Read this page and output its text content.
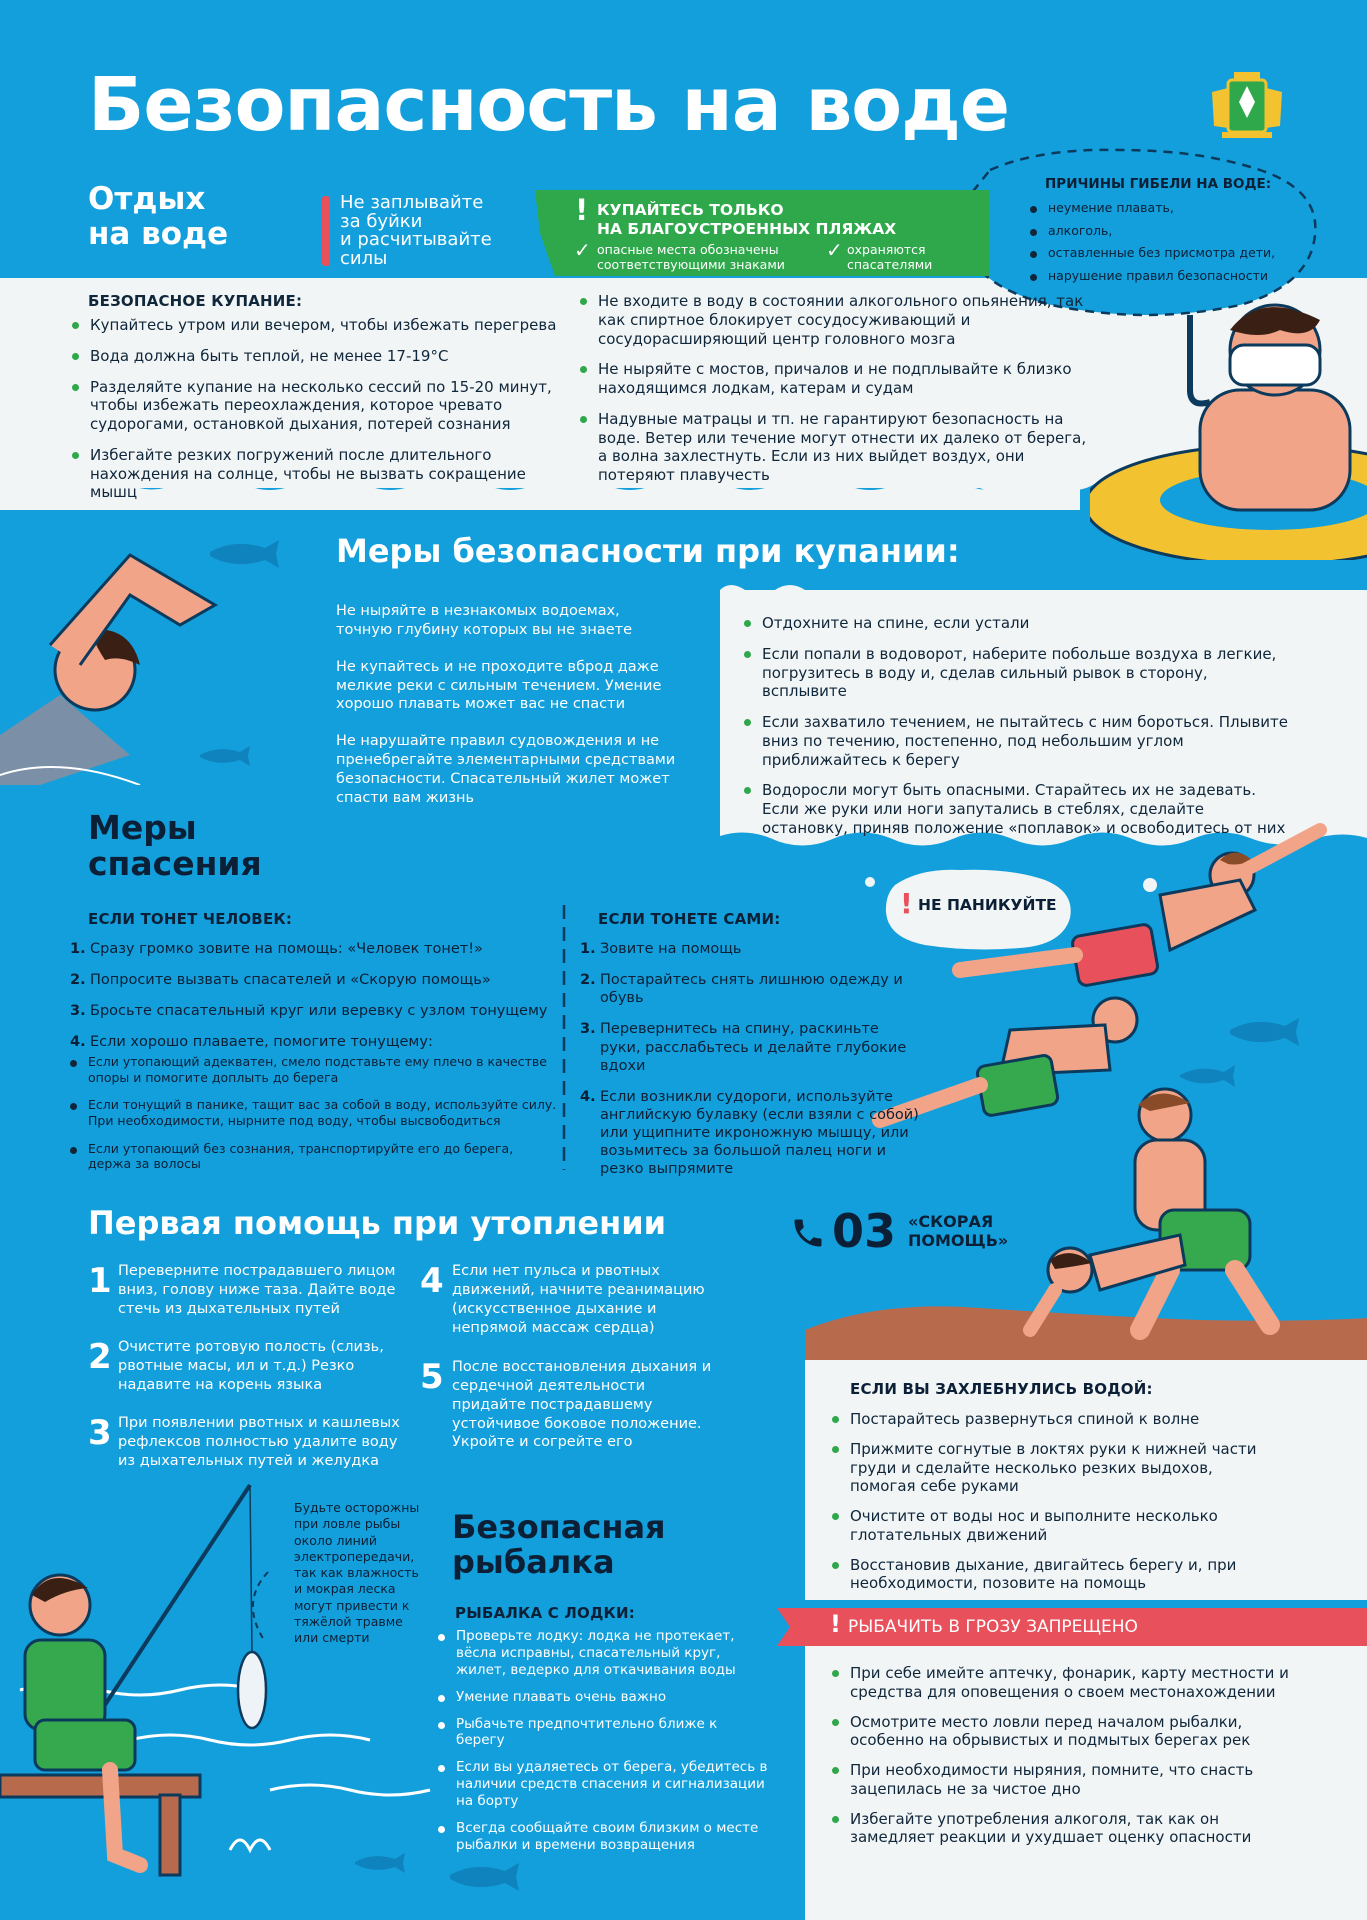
Безопасность на воде
Отдых
на воде
Не заплывайте
за буйки
и расчитывайте
силы
! КУПАЙТЕСЬ ТОЛЬКО
НА БЛАГОУСТРОЕННЫХ ПЛЯЖАХ
✓ опасные места обозначены
соответствующими знаками
✓ охраняются
спасателями
ПРИЧИНЫ ГИБЕЛИ НА ВОДЕ:
неумение плавать,
алкоголь,
оставленные без присмотра дети,
нарушение правил безопасности
БЕЗОПАСНОЕ КУПАНИЕ:
Купайтесь утром или вечером, чтобы избежать перегрева
Вода должна быть теплой, не менее 17-19°С
Разделяйте купание на несколько сессий по 15-20 минут, чтобы избежать переохлаждения, которое чревато судорогами, остановкой дыхания, потерей сознания
Избегайте резких погружений после длительного нахождения на солнце, чтобы не вызвать сокращение мышц
Не входите в воду в состоянии алкогольного опьянения, так как спиртное блокирует сосудосуживающий и сосудорасширяющий центр головного мозга
Не ныряйте с мостов, причалов и не подплывайте к близко находящимся лодкам, катерам и судам
Надувные матрацы и тп. не гарантируют безопасность на воде. Ветер или течение могут отнести их далеко от берега, а волна захлестнуть. Если из них выйдет воздух, они потеряют плавучесть
Меры безопасности при купании:

Не ныряйте в незнакомых водоемах, точную глубину которых вы не знаете

Не купайтесь и не проходите вброд даже мелкие реки с сильным течением. Умение хорошо плавать может вас не спасти

Не нарушайте правил судовождения и не пренебрегайте элементарными средствами безопасности. Спасательный жилет может спасти вам жизнь

Отдохните на спине, если устали
Если попали в водоворот, наберите побольше воздуха в легкие, погрузитесь в воду и, сделав сильный рывок в сторону, всплывите
Если захватило течением, не пытайтесь с ним бороться. Плывите вниз по течению, постепенно, под небольшим углом приближайтесь к берегу
Водоросли могут быть опасными. Старайтесь их не задевать. Если же руки или ноги запутались в стеблях, сделайте остановку, приняв положение «поплавок» и освободитесь от них
Меры
спасения
ЕСЛИ ТОНЕТ ЧЕЛОВЕК:
1. Сразу громко зовите на помощь: «Человек тонет!»
2. Попросите вызвать спасателей и «Скорую помощь»
3. Бросьте спасательный круг или веревку с узлом тонущему
4. Если хорошо плаваете, помогите тонущему:
Если утопающий адекватен, смело подставьте ему плечо в качестве опоры и помогите доплыть до берега
Если тонущий в панике, тащит вас за собой в воду, используйте силу. При необходимости, нырните под воду, чтобы высвободиться
Если утопающий без сознания, транспортируйте его до берега, держа за волосы
ЕСЛИ ТОНЕТЕ САМИ:
1. Зовите на помощь
2. Постарайтесь снять лишнюю одежду и обувь
3. Перевернитесь на спину, раскиньте руки, расслабьтесь и делайте глубокие вдохи
4. Если возникли судороги, используйте английскую булавку (если взяли с собой) или ущипните икроножную мышцу, или возьмитесь за большой палец ноги и резко выпрямите
! НЕ ПАНИКУЙТЕ
Первая помощь при утоплении
1 Переверните пострадавшего лицом вниз, голову ниже таза. Дайте воде стечь из дыхательных путей
2 Очистите ротовую полость (слизь, рвотные масы, ил и т.д.) Резко надавите на корень языка
3 При появлении рвотных и кашлевых рефлексов полностью удалите воду из дыхательных путей и желудка
4 Если нет пульса и рвотных движений, начните реанимацию (искусственное дыхание и непрямой массаж сердца)
5 После восстановления дыхания и сердечной деятельности придайте пострадавшему устойчивое боковое положение. Укройте и согрейте его
03 «СКОРАЯ
ПОМОЩЬ»
ЕСЛИ ВЫ ЗАХЛЕБНУЛИСЬ ВОДОЙ:
Постарайтесь развернуться спиной к волне
Прижмите согнутые в локтях руки к нижней части груди и сделайте несколько резких выдохов, помогая себе руками
Очистите от воды нос и выполните несколько глотательных движений
Восстановив дыхание, двигайтесь берегу и, при необходимости, позовите на помощь
Будьте осторожны при ловле рыбы около линий электропередачи, так как влажность и мокрая леска могут привести к тяжёлой травме или смерти
Безопасная
рыбалка
РЫБАЛКА С ЛОДКИ:
Проверьте лодку: лодка не протекает, вёсла исправны, спасательный круг, жилет, ведерко для откачивания воды
Умение плавать очень важно
Рыбачьте предпочтительно ближе к берегу
Если вы удаляетесь от берега, убедитесь в наличии средств спасения и сигнализации на борту
Всегда сообщайте своим близким о месте рыбалки и времени возвращения
! РЫБАЧИТЬ В ГРОЗУ ЗАПРЕЩЕНО
При себе имейте аптечку, фонарик, карту местности и средства для оповещения о своем местонахождении
Осмотрите место ловли перед началом рыбалки, особенно на обрывистых и подмытых берегах рек
При необходимости ныряния, помните, что снасть зацепилась не за чистое дно
Избегайте употребления алкоголя, так как он замедляет реакции и ухудшает оценку опасности
